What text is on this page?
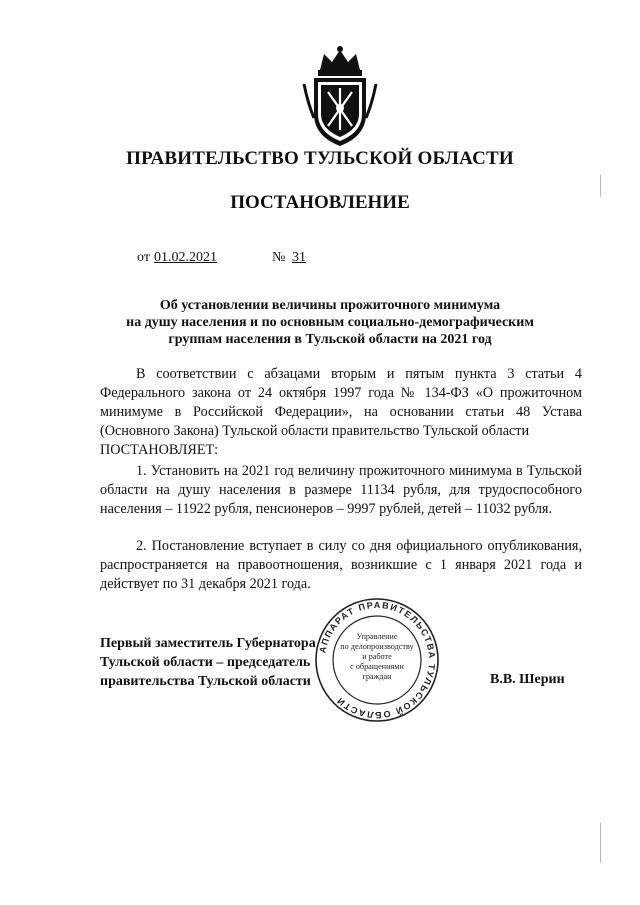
ПРАВИТЕЛЬСТВО ТУЛЬСКОЙ ОБЛАСТИ
ПОСТАНОВЛЕНИЕ
от 01.02.2021	№ 31
Об установлении величины прожиточного минимума
на душу населения и по основным социально-демографическим
группам населения в Тульской области на 2021 год
В соответствии с абзацами вторым и пятым пункта 3 статьи 4 Федерального закона от 24 октября 1997 года № 134-ФЗ «О прожиточном минимуме в Российской Федерации», на основании статьи 48 Устава (Основного Закона) Тульской области правительство Тульской области
ПОСТАНОВЛЯЕТ:
1. Установить на 2021 год величину прожиточного минимума в Тульской области на душу населения в размере 11134 рубля, для трудоспособного населения – 11922 рубля, пенсионеров – 9997 рублей, детей – 11032 рубля.
2. Постановление вступает в силу со дня официального опубликования, распространяется на правоотношения, возникшие с 1 января 2021 года и действует по 31 декабря 2021 года.
Первый заместитель Губернатора
Тульской области – председатель
правительства Тульской области	В.В. Шерин
АППАРАТ ПРАВИТЕЛЬСТВА ТУЛЬСКОЙ ОБЛАСТИ
Управление
по делопроизводству
и работе
с обращениями
граждан
